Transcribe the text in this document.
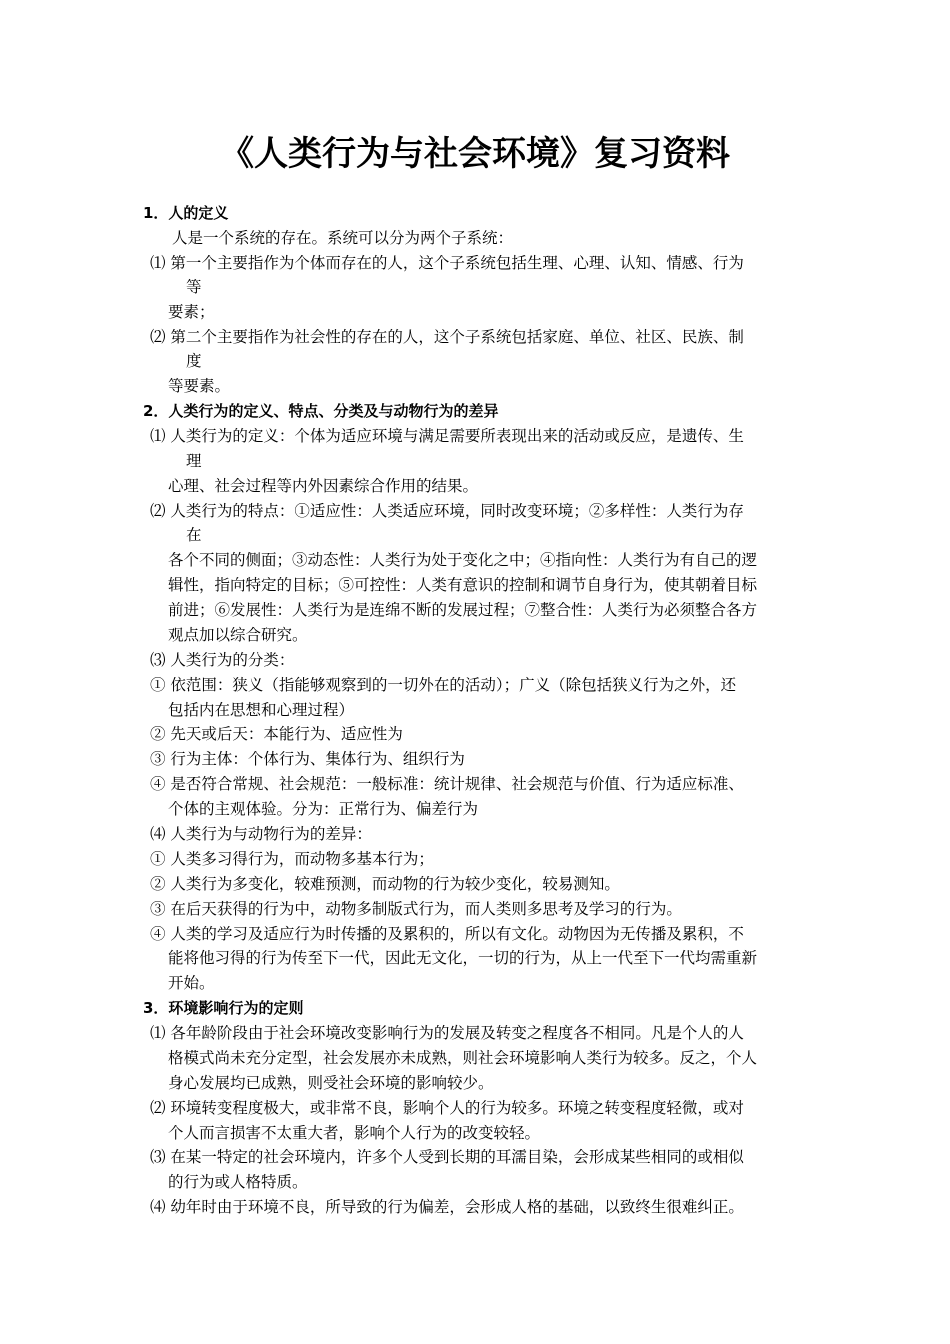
《人类行为与社会环境》复习资料
1．人的定义
人是一个系统的存在。系统可以分为两个子系统：
⑴ 第一个主要指作为个体而存在的人，这个子系统包括生理、心理、认知、情感、行为
等
要素；
⑵ 第二个主要指作为社会性的存在的人，这个子系统包括家庭、单位、社区、民族、制
度
等要素。
2．人类行为的定义、特点、分类及与动物行为的差异
⑴ 人类行为的定义：个体为适应环境与满足需要所表现出来的活动或反应，是遗传、生
理
心理、社会过程等内外因素综合作用的结果。
⑵ 人类行为的特点：①适应性：人类适应环境，同时改变环境；②多样性：人类行为存
在
各个不同的侧面；③动态性：人类行为处于变化之中；④指向性：人类行为有自己的逻
辑性，指向特定的目标；⑤可控性：人类有意识的控制和调节自身行为，使其朝着目标
前进；⑥发展性：人类行为是连绵不断的发展过程；⑦整合性：人类行为必须整合各方
观点加以综合研究。
⑶ 人类行为的分类：
① 依范围：狭义（指能够观察到的一切外在的活动）；广义（除包括狭义行为之外，还
包括内在思想和心理过程）
② 先天或后天：本能行为、适应性为
③ 行为主体：个体行为、集体行为、组织行为
④ 是否符合常规、社会规范：一般标准：统计规律、社会规范与价值、行为适应标准、
个体的主观体验。分为：正常行为、偏差行为
⑷ 人类行为与动物行为的差异：
① 人类多习得行为，而动物多基本行为；
② 人类行为多变化，较难预测，而动物的行为较少变化，较易测知。
③ 在后天获得的行为中，动物多制版式行为，而人类则多思考及学习的行为。
④ 人类的学习及适应行为时传播的及累积的，所以有文化。动物因为无传播及累积，不
能将他习得的行为传至下一代，因此无文化，一切的行为，从上一代至下一代均需重新
开始。
3．环境影响行为的定则
⑴ 各年龄阶段由于社会环境改变影响行为的发展及转变之程度各不相同。凡是个人的人
格模式尚未充分定型，社会发展亦未成熟，则社会环境影响人类行为较多。反之，个人
身心发展均已成熟，则受社会环境的影响较少。
⑵ 环境转变程度极大，或非常不良，影响个人的行为较多。环境之转变程度轻微，或对
个人而言损害不太重大者，影响个人行为的改变较轻。
⑶ 在某一特定的社会环境内，许多个人受到长期的耳濡目染，会形成某些相同的或相似
的行为或人格特质。
⑷ 幼年时由于环境不良，所导致的行为偏差，会形成人格的基础，以致终生很难纠正。
